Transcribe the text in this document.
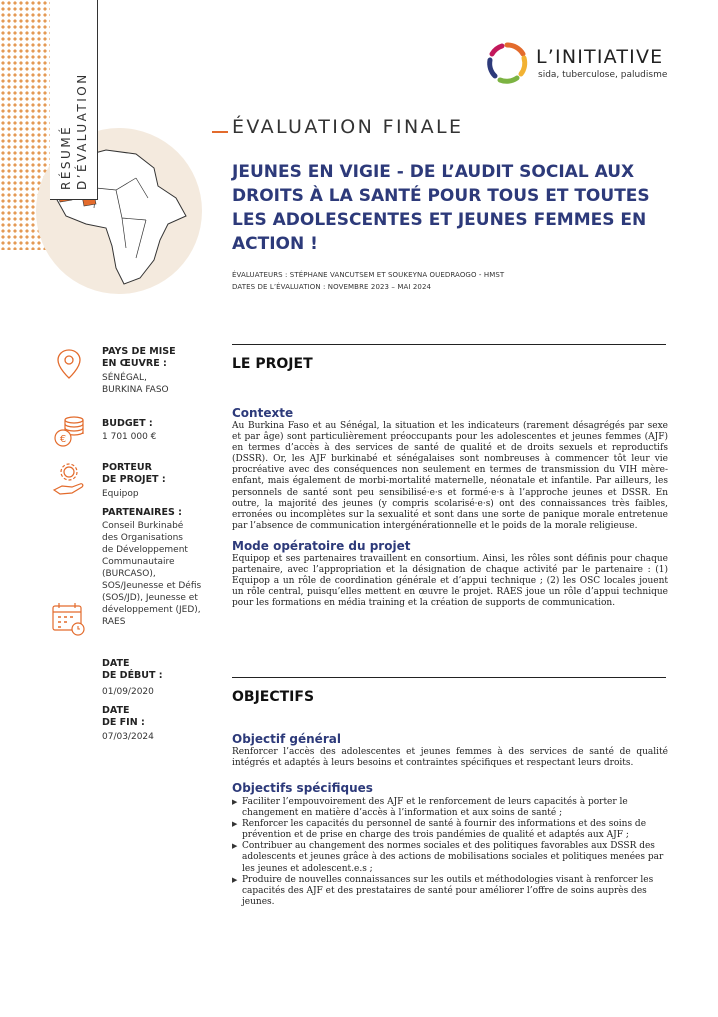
RÉSUMÉ
D’ÉVALUATION
L’INITIATIVE
sida, tuberculose, paludisme
ÉVALUATION FINALE
JEUNES EN VIGIE - DE L’AUDIT SOCIAL AUX DROITS À LA SANTÉ POUR TOUS ET TOUTES LES ADOLESCENTES ET JEUNES FEMMES EN ACTION !
ÉVALUATEURS : STÉPHANE VANCUTSEM ET SOUKEYNA OUEDRAOGO - HMST
DATES DE L’ÉVALUATION : NOVEMBRE 2023 – MAI 2024
PAYS DE MISE
EN ŒUVRE :
SÉNÉGAL,
BURKINA FASO
€
BUDGET :
1 701 000 €
PORTEUR
DE PROJET :
Equipop
PARTENAIRES :
Conseil Burkinabé
des Organisations
de Développement
Communautaire
(BURCASO),
SOS/Jeunesse et Défis
(SOS/JD), Jeunesse et
développement (JED),
RAES
DATE
DE DÉBUT :
01/09/2020
DATE
DE FIN :
07/03/2024
LE PROJET
Contexte
Au Burkina Faso et au Sénégal, la situation et les indicateurs (rarement désagrégés par sexe et par âge) sont particulièrement préoccupants pour les adolescentes et jeunes femmes (AJF) en termes d’accès à des services de santé de qualité et de droits sexuels et reproductifs (DSSR). Or, les AJF burkinabé et sénégalaises sont nombreuses à commencer tôt leur vie procréative avec des conséquences non seulement en termes de transmission du VIH mère-enfant, mais également de morbi-mortalité maternelle, néonatale et infantile. Par ailleurs, les personnels de santé sont peu sensibilisé·e·s et formé·e·s à l’approche jeunes et DSSR. En outre, la majorité des jeunes (y compris scolarisé·e·s) ont des connaissances très faibles, erronées ou incomplètes sur la sexualité et sont dans une sorte de panique morale entretenue par l’absence de communication intergénérationnelle et le poids de la morale religieuse.
Mode opératoire du projet
Equipop et ses partenaires travaillent en consortium. Ainsi, les rôles sont définis pour chaque partenaire, avec l’appropriation et la désignation de chaque activité par le partenaire : (1) Equipop a un rôle de coordination générale et d’appui technique ; (2) les OSC locales jouent un rôle central, puisqu’elles mettent en œuvre le projet. RAES joue un rôle d’appui technique pour les formations en média training et la création de supports de communication.
OBJECTIFS
Objectif général
Renforcer l’accès des adolescentes et jeunes femmes à des services de santé de qualité intégrés et adaptés à leurs besoins et contraintes spécifiques et respectant leurs droits.
Objectifs spécifiques
▶ Faciliter l’empouvoirement des AJF et le renforcement de leurs capacités à porter le changement en matière d’accès à l’information et aux soins de santé ;
▶ Renforcer les capacités du personnel de santé à fournir des informations et des soins de prévention et de prise en charge des trois pandémies de qualité et adaptés aux AJF ;
▶ Contribuer au changement des normes sociales et des politiques favorables aux DSSR des adolescents et jeunes grâce à des actions de mobilisations sociales et politiques menées par les jeunes et adolescent.e.s ;
▶ Produire de nouvelles connaissances sur les outils et méthodologies visant à renforcer les capacités des AJF et des prestataires de santé pour améliorer l’offre de soins auprès des jeunes.
